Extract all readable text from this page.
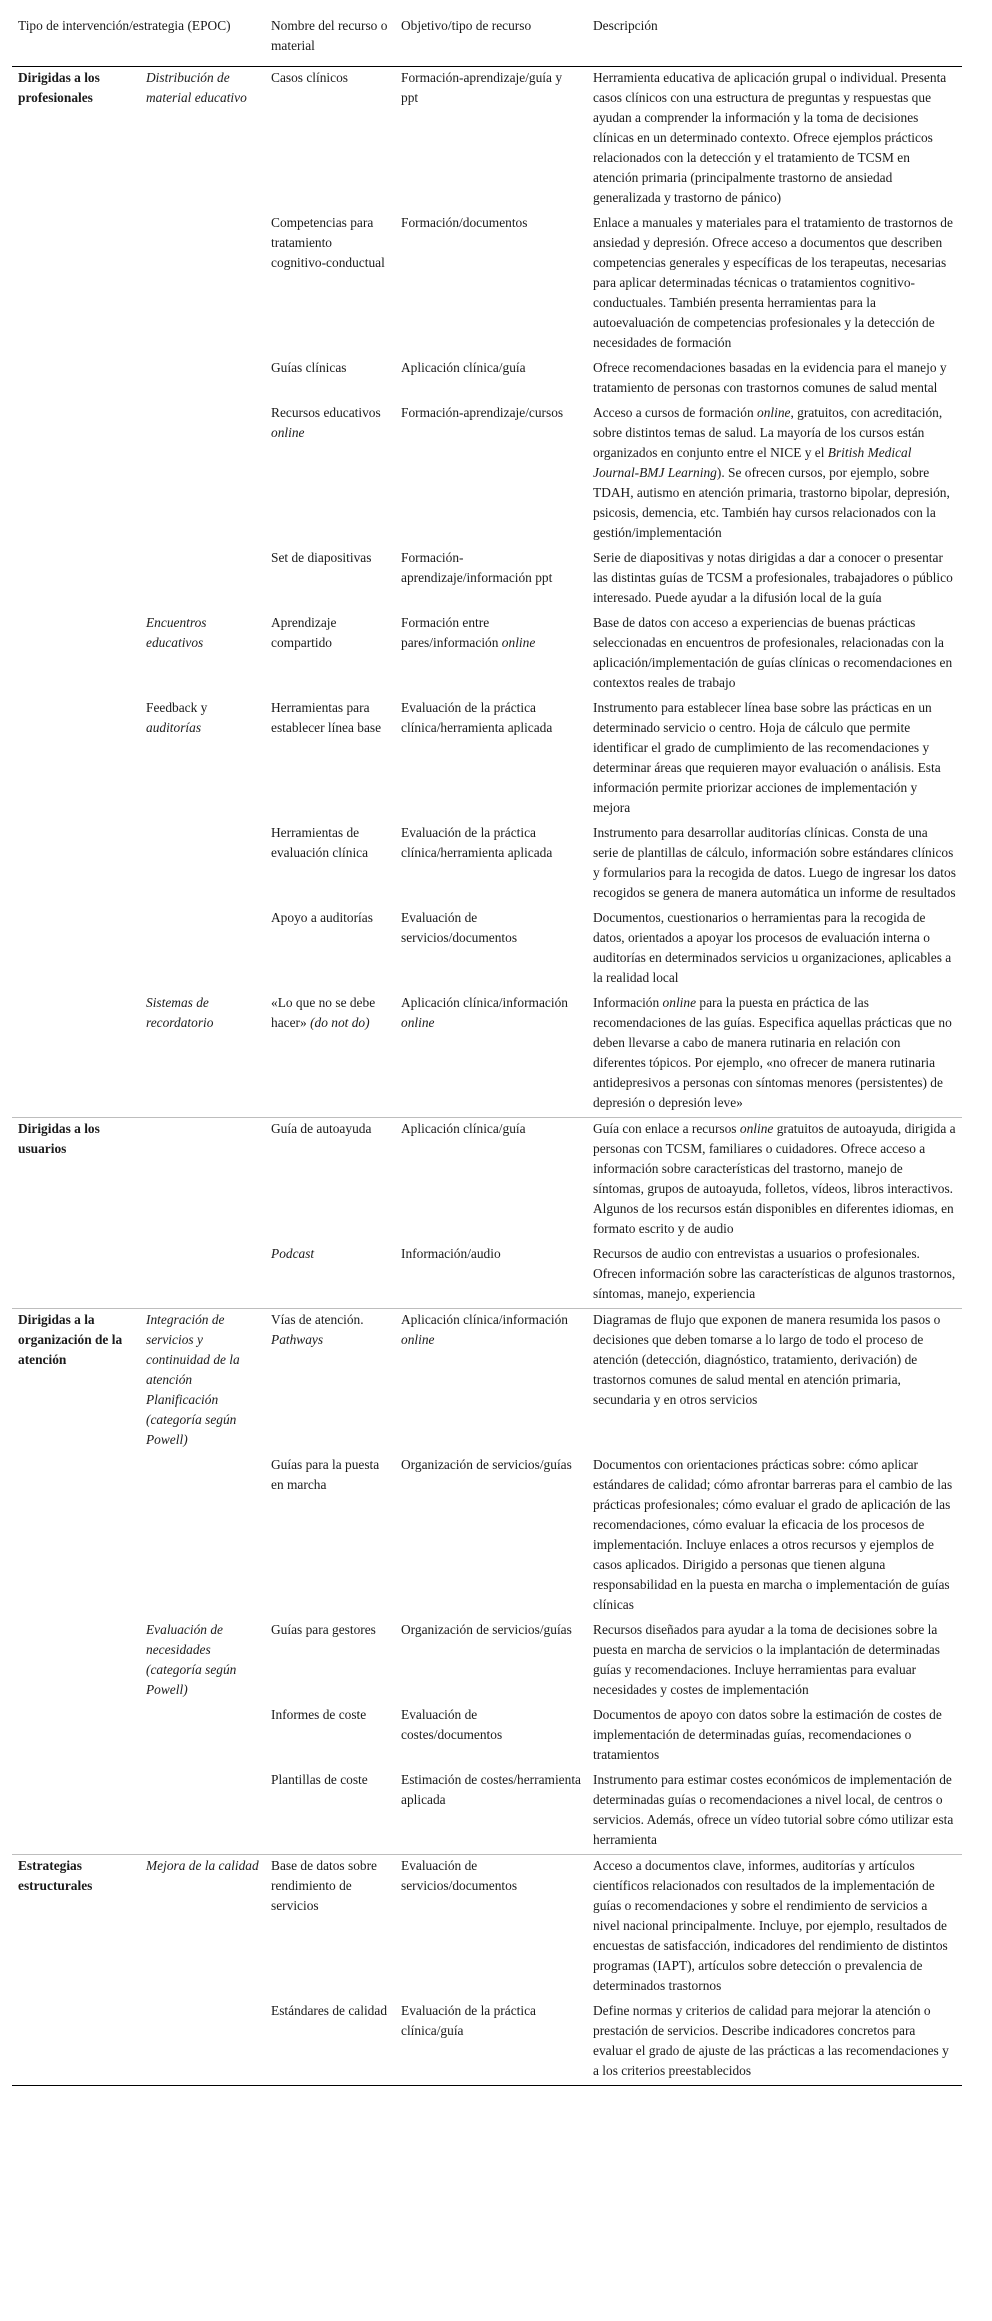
Tipo de intervención/estrategia (EPOC)		Nombre del recurso o material	Objetivo/tipo de recurso	Descripción
Dirigidas a los profesionales	Distribución de material educativo	Casos clínicos	Formación-aprendizaje/guía y ppt	Herramienta educativa de aplicación grupal o individual. Presenta casos clínicos con una estructura de preguntas y respuestas que ayudan a comprender la información y la toma de decisiones clínicas en un determinado contexto. Ofrece ejemplos prácticos relacionados con la detección y el tratamiento de TCSM en atención primaria (principalmente trastorno de ansiedad generalizada y trastorno de pánico)
		Competencias para tratamiento cognitivo-conductual	Formación/documentos	Enlace a manuales y materiales para el tratamiento de trastornos de ansiedad y depresión. Ofrece acceso a documentos que describen competencias generales y específicas de los terapeutas, necesarias para aplicar determinadas técnicas o tratamientos cognitivo-conductuales. También presenta herramientas para la autoevaluación de competencias profesionales y la detección de necesidades de formación
		Guías clínicas	Aplicación clínica/guía	Ofrece recomendaciones basadas en la evidencia para el manejo y tratamiento de personas con trastornos comunes de salud mental
		Recursos educativos online	Formación-aprendizaje/cursos	Acceso a cursos de formación online, gratuitos, con acreditación, sobre distintos temas de salud. La mayoría de los cursos están organizados en conjunto entre el NICE y el British Medical Journal-BMJ Learning). Se ofrecen cursos, por ejemplo, sobre TDAH, autismo en atención primaria, trastorno bipolar, depresión, psicosis, demencia, etc. También hay cursos relacionados con la gestión/implementación
		Set de diapositivas	Formación-aprendizaje/información ppt	Serie de diapositivas y notas dirigidas a dar a conocer o presentar las distintas guías de TCSM a profesionales, trabajadores o público interesado. Puede ayudar a la difusión local de la guía
	Encuentros educativos	Aprendizaje compartido	Formación entre pares/información online	Base de datos con acceso a experiencias de buenas prácticas seleccionadas en encuentros de profesionales, relacionadas con la aplicación/implementación de guías clínicas o recomendaciones en contextos reales de trabajo
	Feedback y auditorías	Herramientas para establecer línea base	Evaluación de la práctica clínica/herramienta aplicada	Instrumento para establecer línea base sobre las prácticas en un determinado servicio o centro. Hoja de cálculo que permite identificar el grado de cumplimiento de las recomendaciones y determinar áreas que requieren mayor evaluación o análisis. Esta información permite priorizar acciones de implementación y mejora
		Herramientas de evaluación clínica	Evaluación de la práctica clínica/herramienta aplicada	Instrumento para desarrollar auditorías clínicas. Consta de una serie de plantillas de cálculo, información sobre estándares clínicos y formularios para la recogida de datos. Luego de ingresar los datos recogidos se genera de manera automática un informe de resultados
		Apoyo a auditorías	Evaluación de servicios/documentos	Documentos, cuestionarios o herramientas para la recogida de datos, orientados a apoyar los procesos de evaluación interna o auditorías en determinados servicios u organizaciones, aplicables a la realidad local
	Sistemas de recordatorio	«Lo que no se debe hacer» (do not do)	Aplicación clínica/información online	Información online para la puesta en práctica de las recomendaciones de las guías. Especifica aquellas prácticas que no deben llevarse a cabo de manera rutinaria en relación con diferentes tópicos. Por ejemplo, «no ofrecer de manera rutinaria antidepresivos a personas con síntomas menores (persistentes) de depresión o depresión leve»
Dirigidas a los usuarios		Guía de autoayuda	Aplicación clínica/guía	Guía con enlace a recursos online gratuitos de autoayuda, dirigida a personas con TCSM, familiares o cuidadores. Ofrece acceso a información sobre características del trastorno, manejo de síntomas, grupos de autoayuda, folletos, vídeos, libros interactivos. Algunos de los recursos están disponibles en diferentes idiomas, en formato escrito y de audio
		Podcast	Información/audio	Recursos de audio con entrevistas a usuarios o profesionales. Ofrecen información sobre las características de algunos trastornos, síntomas, manejo, experiencia
Dirigidas a la organización de la atención	Integración de servicios y continuidad de la atención Planificación (categoría según Powell)	Vías de atención. Pathways	Aplicación clínica/información online	Diagramas de flujo que exponen de manera resumida los pasos o decisiones que deben tomarse a lo largo de todo el proceso de atención (detección, diagnóstico, tratamiento, derivación) de trastornos comunes de salud mental en atención primaria, secundaria y en otros servicios
		Guías para la puesta en marcha	Organización de servicios/guías	Documentos con orientaciones prácticas sobre: cómo aplicar estándares de calidad; cómo afrontar barreras para el cambio de las prácticas profesionales; cómo evaluar el grado de aplicación de las recomendaciones, cómo evaluar la eficacia de los procesos de implementación. Incluye enlaces a otros recursos y ejemplos de casos aplicados. Dirigido a personas que tienen alguna responsabilidad en la puesta en marcha o implementación de guías clínicas
	Evaluación de necesidades (categoría según Powell)	Guías para gestores	Organización de servicios/guías	Recursos diseñados para ayudar a la toma de decisiones sobre la puesta en marcha de servicios o la implantación de determinadas guías y recomendaciones. Incluye herramientas para evaluar necesidades y costes de implementación
		Informes de coste	Evaluación de costes/documentos	Documentos de apoyo con datos sobre la estimación de costes de implementación de determinadas guías, recomendaciones o tratamientos
		Plantillas de coste	Estimación de costes/herramienta aplicada	Instrumento para estimar costes económicos de implementación de determinadas guías o recomendaciones a nivel local, de centros o servicios. Además, ofrece un vídeo tutorial sobre cómo utilizar esta herramienta
Estrategias estructurales	Mejora de la calidad	Base de datos sobre rendimiento de servicios	Evaluación de servicios/documentos	Acceso a documentos clave, informes, auditorías y artículos científicos relacionados con resultados de la implementación de guías o recomendaciones y sobre el rendimiento de servicios a nivel nacional principalmente. Incluye, por ejemplo, resultados de encuestas de satisfacción, indicadores del rendimiento de distintos programas (IAPT), artículos sobre detección o prevalencia de determinados trastornos
		Estándares de calidad	Evaluación de la práctica clínica/guía	Define normas y criterios de calidad para mejorar la atención o prestación de servicios. Describe indicadores concretos para evaluar el grado de ajuste de las prácticas a las recomendaciones y a los criterios preestablecidos
